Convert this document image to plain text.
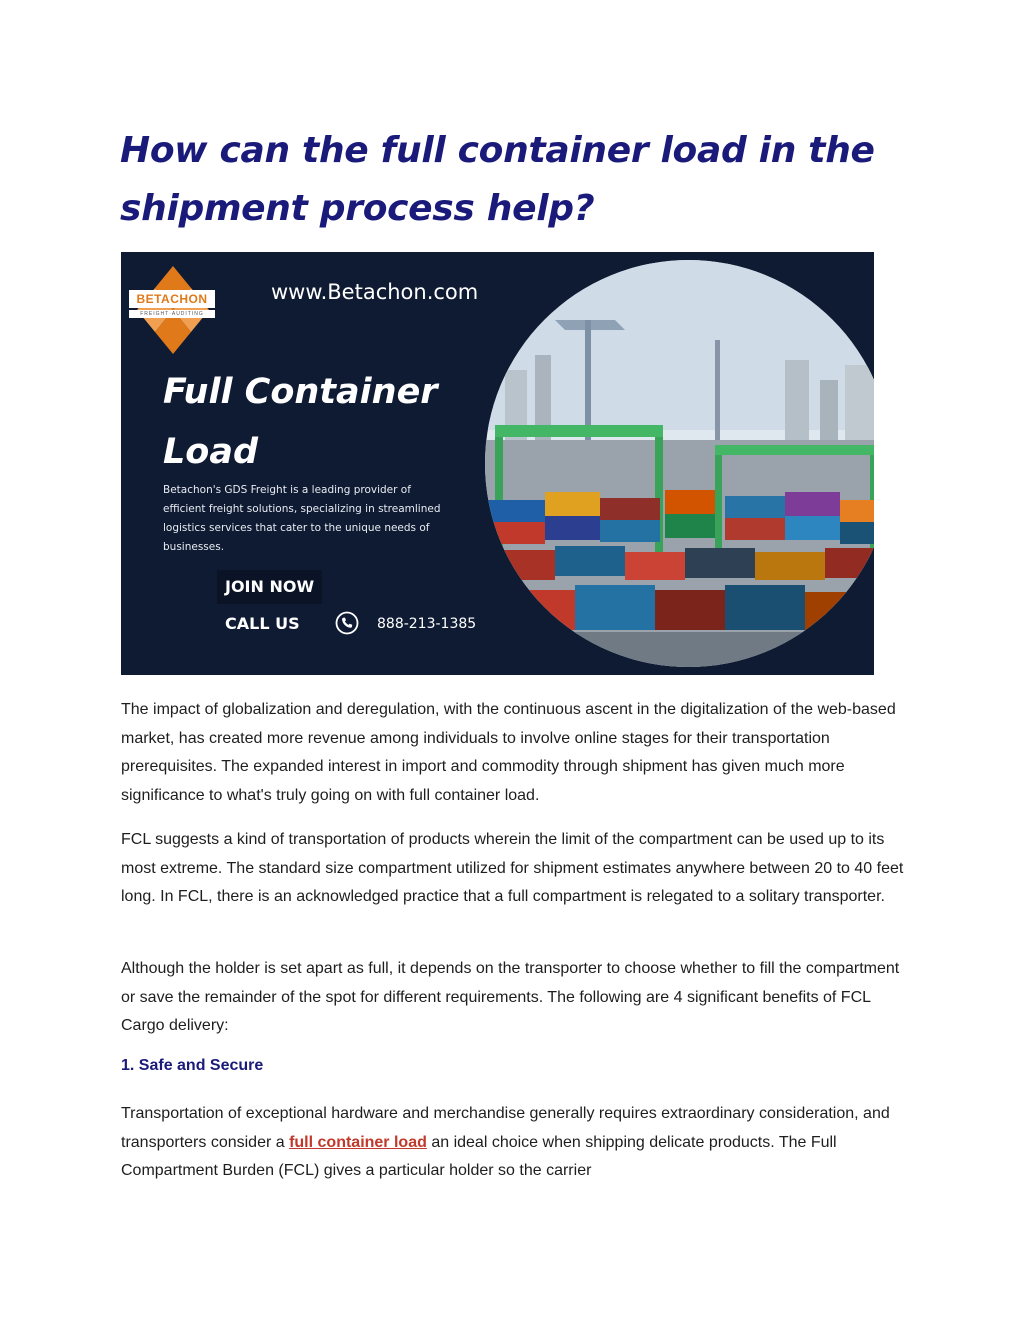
How can the full container load in the shipment process help?
BETACHON
FREIGHT·AUDITING
www.Betachon.com
Full Container
Load
Betachon's GDS Freight is a leading provider of efficient freight solutions, specializing in streamlined logistics services that cater to the unique needs of businesses.
JOIN NOW
CALL US	888-213-1385

The impact of globalization and deregulation, with the continuous ascent in the digitalization of the web-based market, has created more revenue among individuals to involve online stages for their transportation prerequisites. The expanded interest in import and commodity through shipment has given much more significance to what's truly going on with full container load.

FCL suggests a kind of transportation of products wherein the limit of the compartment can be used up to its most extreme. The standard size compartment utilized for shipment estimates anywhere between 20 to 40 feet long. In FCL, there is an acknowledged practice that a full compartment is relegated to a solitary transporter.

Although the holder is set apart as full, it depends on the transporter to choose whether to fill the compartment or save the remainder of the spot for different requirements. The following are 4 significant benefits of FCL Cargo delivery:

1. Safe and Secure

Transportation of exceptional hardware and merchandise generally requires extraordinary consideration, and transporters consider a full container load an ideal choice when shipping delicate products. The Full Compartment Burden (FCL) gives a particular holder so the carrier
